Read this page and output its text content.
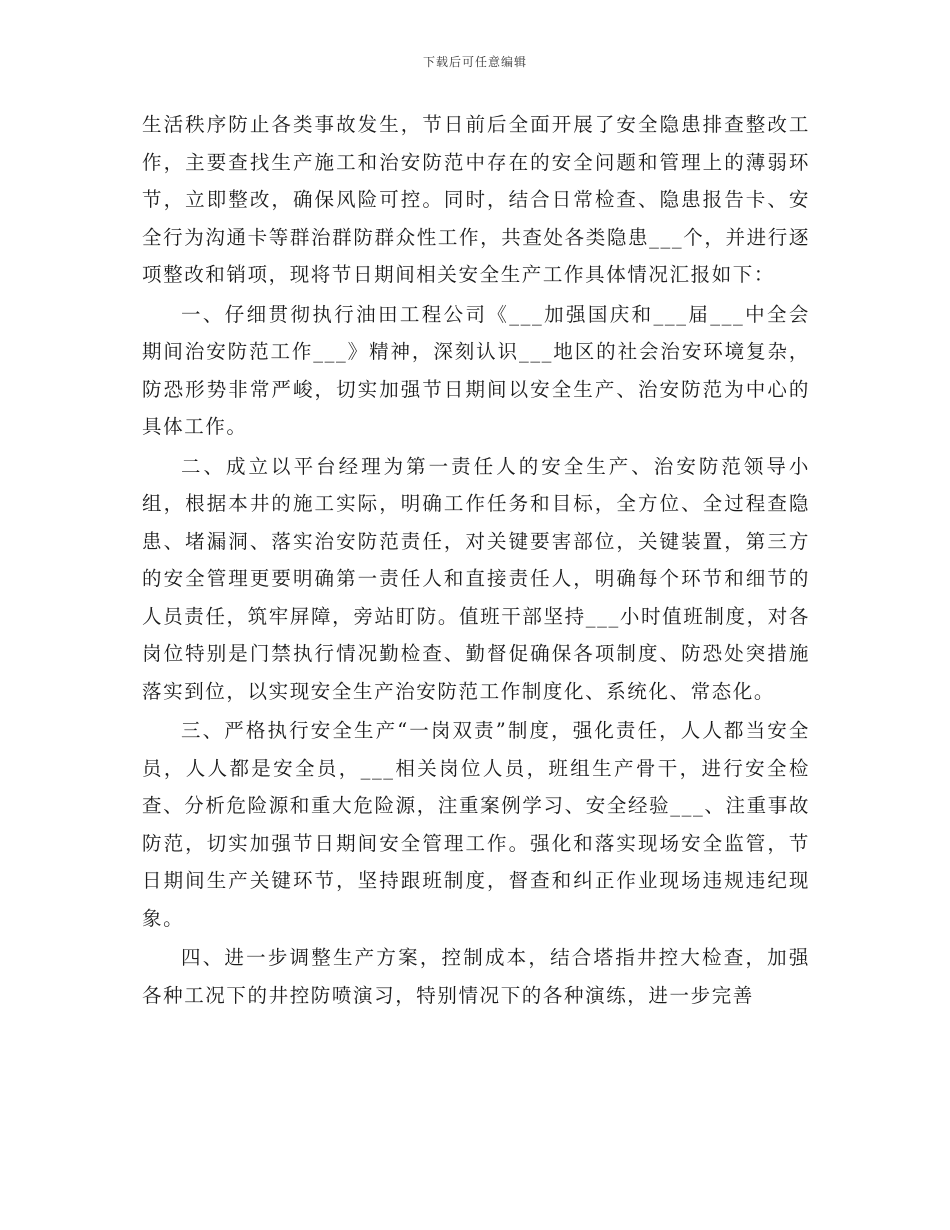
下载后可任意编辑

生活秩序防止各类事故发生，节日前后全面开展了安全隐患排查整改工作，主要查找生产施工和治安防范中存在的安全问题和管理上的薄弱环节，立即整改，确保风险可控。同时，结合日常检查、隐患报告卡、安全行为沟通卡等群治群防群众性工作，共查处各类隐患___个，并进行逐项整改和销项，现将节日期间相关安全生产工作具体情况汇报如下：

一、仔细贯彻执行油田工程公司《___加强国庆和___届___中全会期间治安防范工作___》精神，深刻认识___地区的社会治安环境复杂，防恐形势非常严峻，切实加强节日期间以安全生产、治安防范为中心的具体工作。

二、成立以平台经理为第一责任人的安全生产、治安防范领导小组，根据本井的施工实际，明确工作任务和目标，全方位、全过程查隐患、堵漏洞、落实治安防范责任，对关键要害部位，关键装置，第三方的安全管理更要明确第一责任人和直接责任人，明确每个环节和细节的人员责任，筑牢屏障，旁站盯防。值班干部坚持___小时值班制度，对各岗位特别是门禁执行情况勤检查、勤督促确保各项制度、防恐处突措施落实到位，以实现安全生产治安防范工作制度化、系统化、常态化。

三、严格执行安全生产“一岗双责”制度，强化责任，人人都当安全员，人人都是安全员，___相关岗位人员，班组生产骨干，进行安全检查、分析危险源和重大危险源，注重案例学习、安全经验___、注重事故防范，切实加强节日期间安全管理工作。强化和落实现场安全监管，节日期间生产关键环节，坚持跟班制度，督查和纠正作业现场违规违纪现象。

四、进一步调整生产方案，控制成本，结合塔指井控大检查，加强各种工况下的井控防喷演习，特别情况下的各种演练，进一步完善
